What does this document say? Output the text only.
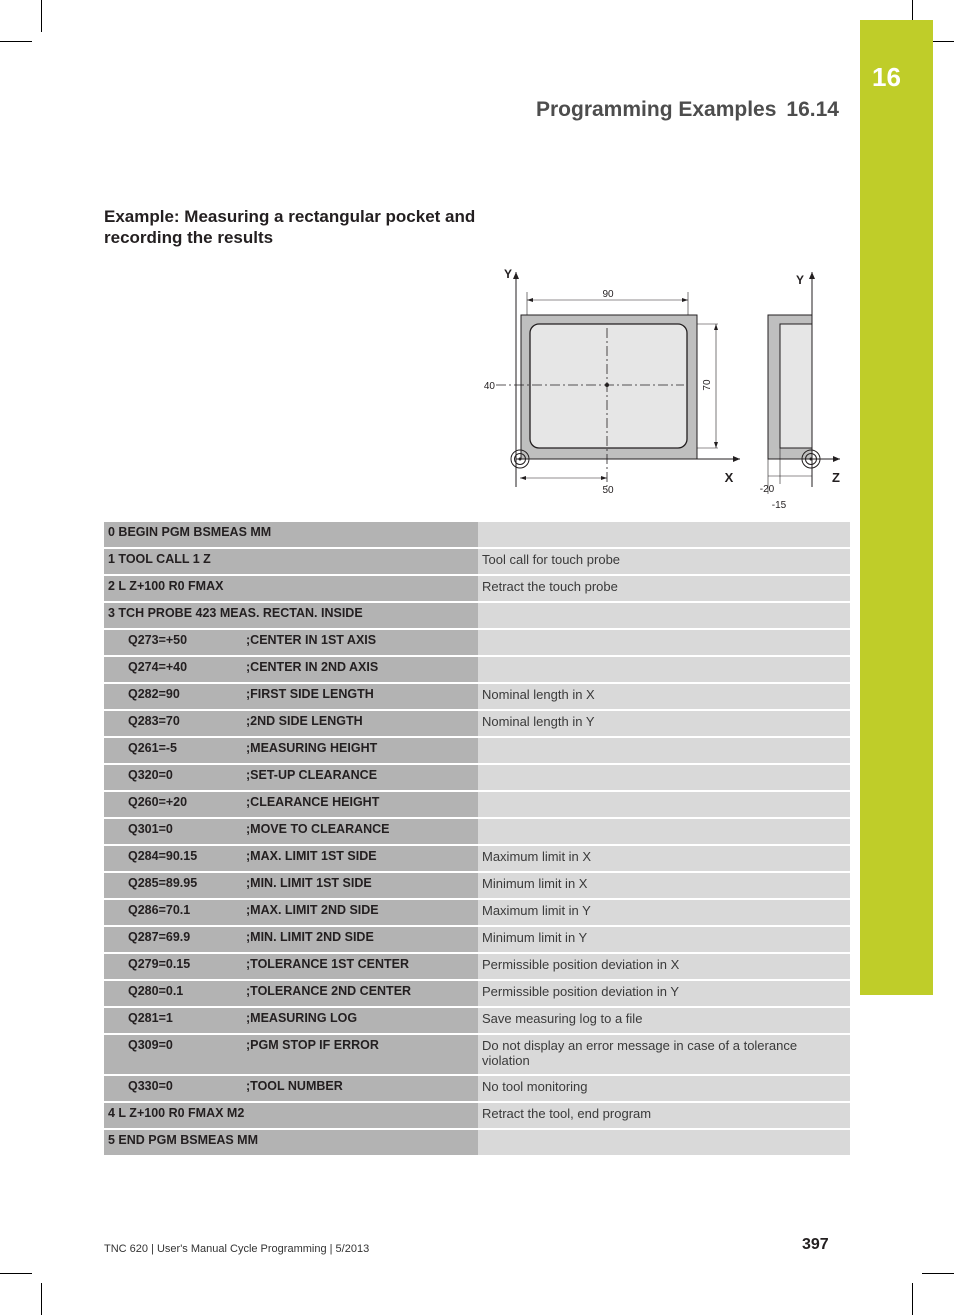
16
Programming Examples 16.14
Example: Measuring a rectangular pocket and recording the results
90
70
40
50
Y
X
Y
Z
-20
-15
0 BEGIN PGM BSMEAS MM	
1 TOOL CALL 1 Z	Tool call for touch probe
2 L Z+100 R0 FMAX	Retract the touch probe
3 TCH PROBE 423 MEAS. RECTAN. INSIDE	
Q273=+50 ;CENTER IN 1ST AXIS	
Q274=+40 ;CENTER IN 2ND AXIS	
Q282=90 ;FIRST SIDE LENGTH	Nominal length in X
Q283=70 ;2ND SIDE LENGTH	Nominal length in Y
Q261=-5 ;MEASURING HEIGHT	
Q320=0 ;SET-UP CLEARANCE	
Q260=+20 ;CLEARANCE HEIGHT	
Q301=0 ;MOVE TO CLEARANCE	
Q284=90.15 ;MAX. LIMIT 1ST SIDE	Maximum limit in X
Q285=89.95 ;MIN. LIMIT 1ST SIDE	Minimum limit in X
Q286=70.1 ;MAX. LIMIT 2ND SIDE	Maximum limit in Y
Q287=69.9 ;MIN. LIMIT 2ND SIDE	Minimum limit in Y
Q279=0.15 ;TOLERANCE 1ST CENTER	Permissible position deviation in X
Q280=0.1 ;TOLERANCE 2ND CENTER	Permissible position deviation in Y
Q281=1 ;MEASURING LOG	Save measuring log to a file
Q309=0 ;PGM STOP IF ERROR	Do not display an error message in case of a tolerance violation
Q330=0 ;TOOL NUMBER	No tool monitoring
4 L Z+100 R0 FMAX M2	Retract the tool, end program
5 END PGM BSMEAS MM	
TNC 620 | User's Manual Cycle Programming | 5/2013	397
